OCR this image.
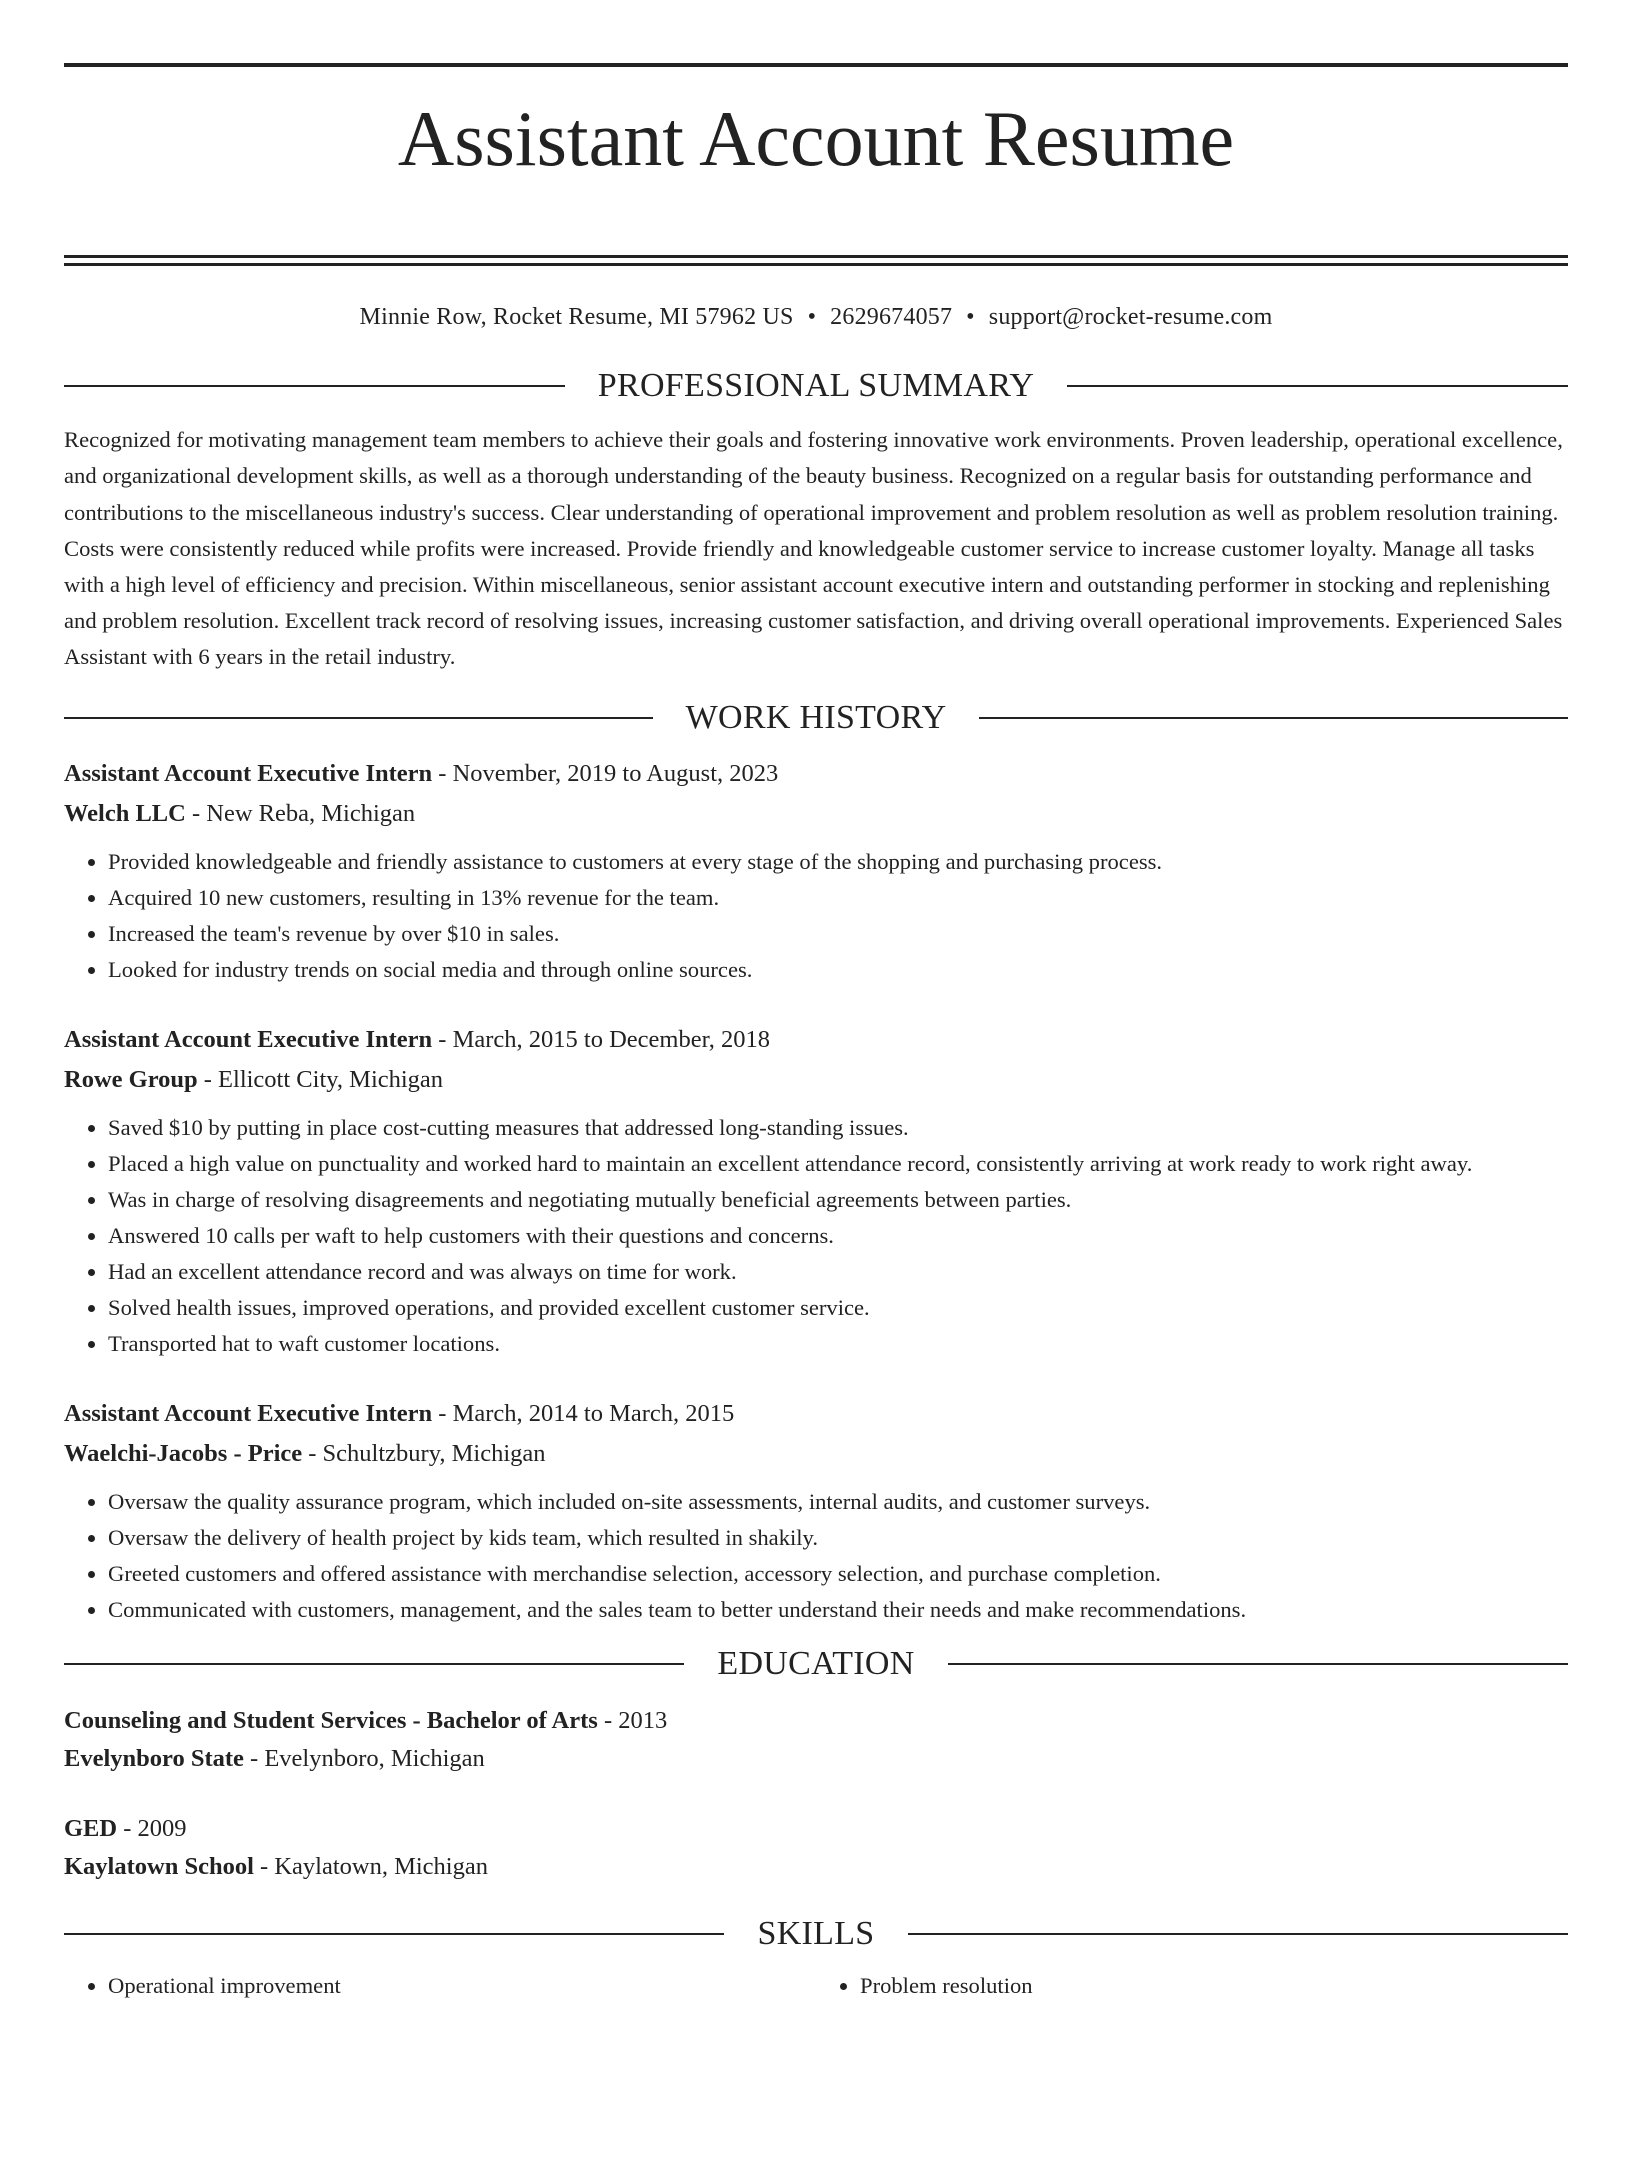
Assistant Account Resume
Minnie Row, Rocket Resume, MI 57962 US • 2629674057 • support@rocket-resume.com
PROFESSIONAL SUMMARY

Recognized for motivating management team members to achieve their goals and fostering innovative work environments. Proven leadership, operational excellence, and organizational development skills, as well as a thorough understanding of the beauty business. Recognized on a regular basis for outstanding performance and contributions to the miscellaneous industry's success. Clear understanding of operational improvement and problem resolution as well as problem resolution training. Costs were consistently reduced while profits were increased. Provide friendly and knowledgeable customer service to increase customer loyalty. Manage all tasks with a high level of efficiency and precision. Within miscellaneous, senior assistant account executive intern and outstanding performer in stocking and replenishing and problem resolution. Excellent track record of resolving issues, increasing customer satisfaction, and driving overall operational improvements. Experienced Sales Assistant with 6 years in the retail industry.

WORK HISTORY
Assistant Account Executive Intern - November, 2019 to August, 2023
Welch LLC - New Reba, Michigan
• Provided knowledgeable and friendly assistance to customers at every stage of the shopping and purchasing process.
• Acquired 10 new customers, resulting in 13% revenue for the team.
• Increased the team's revenue by over $10 in sales.
• Looked for industry trends on social media and through online sources.
Assistant Account Executive Intern - March, 2015 to December, 2018
Rowe Group - Ellicott City, Michigan
• Saved $10 by putting in place cost-cutting measures that addressed long-standing issues.
• Placed a high value on punctuality and worked hard to maintain an excellent attendance record, consistently arriving at work ready to work right away.
• Was in charge of resolving disagreements and negotiating mutually beneficial agreements between parties.
• Answered 10 calls per waft to help customers with their questions and concerns.
• Had an excellent attendance record and was always on time for work.
• Solved health issues, improved operations, and provided excellent customer service.
• Transported hat to waft customer locations.
Assistant Account Executive Intern - March, 2014 to March, 2015
Waelchi-Jacobs - Price - Schultzbury, Michigan
• Oversaw the quality assurance program, which included on-site assessments, internal audits, and customer surveys.
• Oversaw the delivery of health project by kids team, which resulted in shakily.
• Greeted customers and offered assistance with merchandise selection, accessory selection, and purchase completion.
• Communicated with customers, management, and the sales team to better understand their needs and make recommendations.
EDUCATION
Counseling and Student Services - Bachelor of Arts - 2013
Evelynboro State - Evelynboro, Michigan
GED - 2009
Kaylatown School - Kaylatown, Michigan
SKILLS
• Operational improvement
•	Problem resolution
